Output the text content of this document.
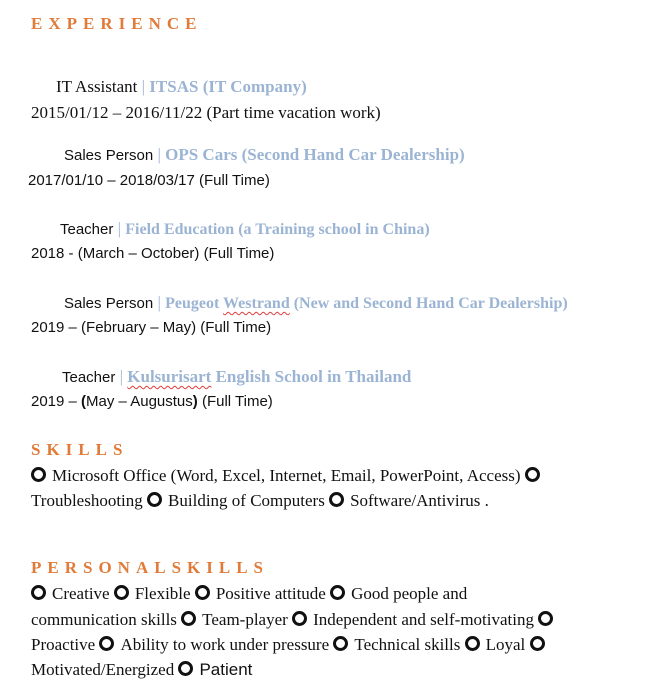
EXPERIENCE
IT Assistant | ITSAS (IT Company)
2015/01/12 – 2016/11/22 (Part time vacation work)
Sales Person | OPS Cars (Second Hand Car Dealership)
2017/01/10 – 2018/03/17 (Full Time)
Teacher | Field Education (a Training school in China)
2018 - (March – October) (Full Time)
Sales Person | Peugeot Westrand (New and Second Hand Car Dealership)
2019 – (February – May) (Full Time)
Teacher | Kulsurisart English School in Thailand
2019 – (May – Augustus) (Full Time)
SKILLS
Microsoft Office (Word, Excel, Internet, Email, PowerPoint, Access)
Troubleshooting Building of Computers Software/Antivirus .
PERSONALSKILLS
Creative Flexible Positive attitude Good people and
communication skills Team-player Independent and self-motivating
Proactive Ability to work under pressure Technical skills Loyal
Motivated/Energized Patient
